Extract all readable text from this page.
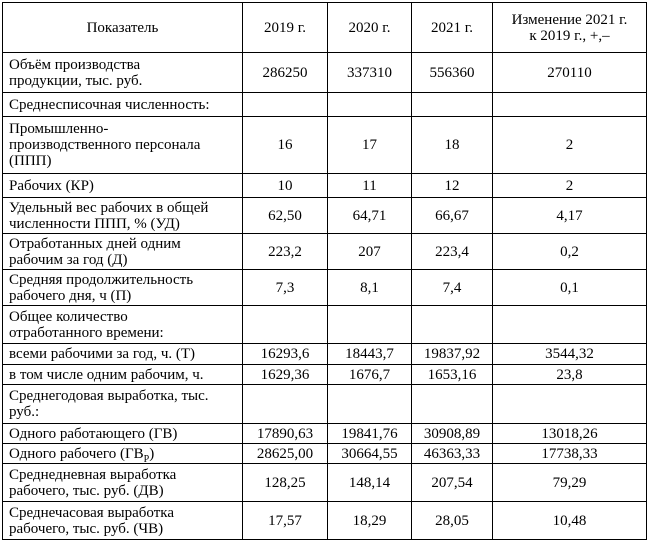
Показатель	2019 г.	2020 г.	2021 г.	Изменение 2021 г.
к 2019 г., +,–

Объём производства
продукции, тыс. руб.	286250	337310	556360	270110

Среднесписочная численность:				

Промышленно-
производственного персонала
(ППП)	16	17	18	2

Рабочих (КР)	10	11	12	2

Удельный вес рабочих в общей
численности ППП, % (УД)	62,50	64,71	66,67	4,17

Отработанных дней одним
рабочим за год (Д)	223,2	207	223,4	0,2

Средняя продолжительность
рабочего дня, ч (П)	7,3	8,1	7,4	0,1

Общее количество
отработанного времени:				

всеми рабочими за год, ч. (Т)	16293,6	18443,7	19837,92	3544,32

в том числе одним рабочим, ч.	1629,36	1676,7	1653,16	23,8

Среднегодовая выработка, тыс.
руб.:				

Одного работающего (ГВ)	17890,63	19841,76	30908,89	13018,26
Одного рабочего $(ГВ_Р)$	28625,00	30664,55	46363,33	17738,33

Среднедневная выработка
рабочего, тыс. руб. (ДВ)	128,25	148,14	207,54	79,29

Среднечасовая выработка
рабочего, тыс. руб. (ЧВ)	17,57	18,29	28,05	10,48
